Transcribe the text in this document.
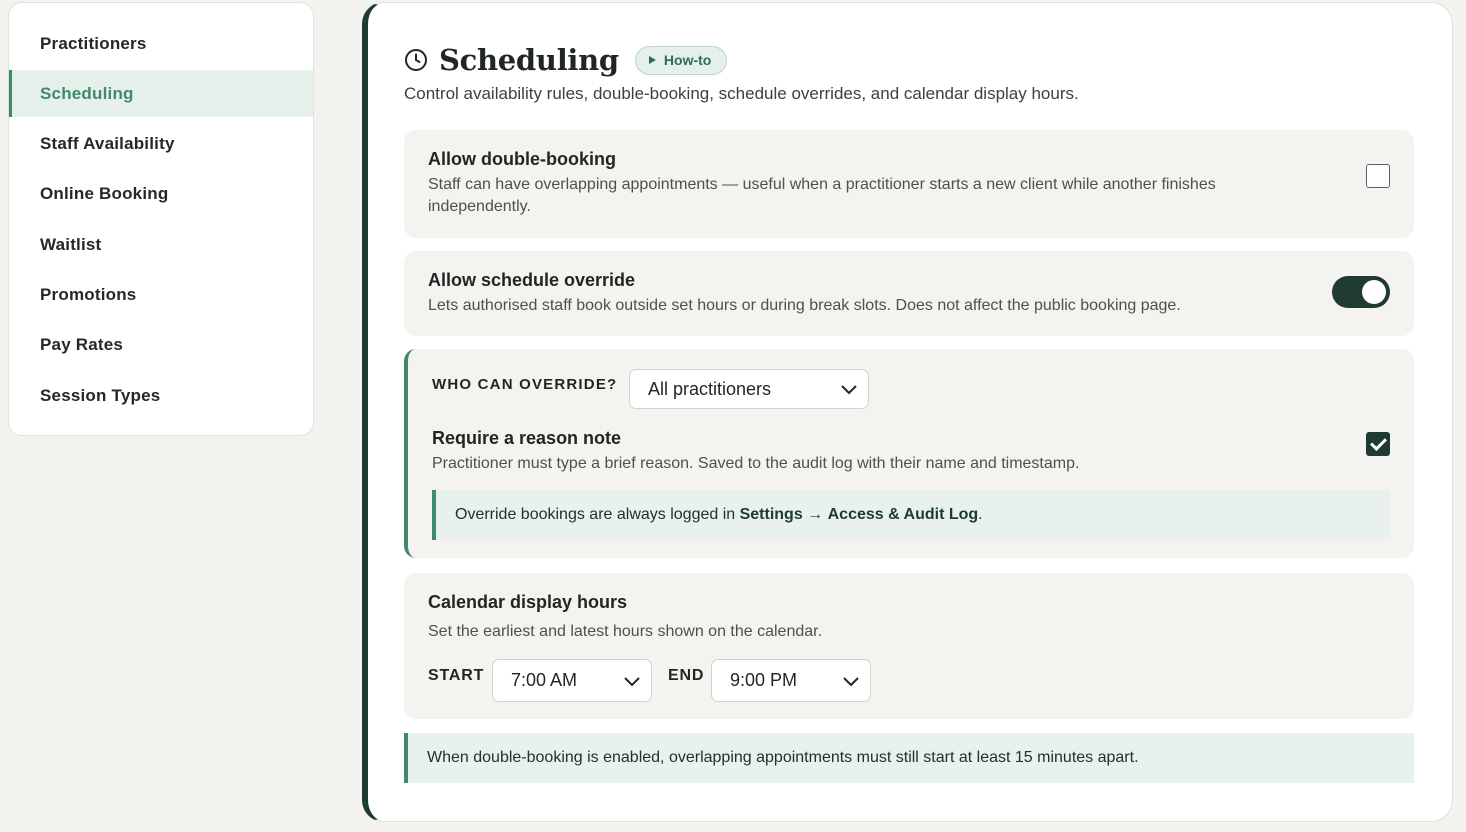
Practitioners
Scheduling
Staff Availability
Online Booking
Waitlist
Promotions
Pay Rates
Session Types
Scheduling	How-to

Control availability rules, double-booking, schedule overrides, and calendar display hours.

Allow double-booking
Staff can have overlapping appointments — useful when a practitioner starts a new client while another finishes independently.
Allow schedule override
Lets authorised staff book outside set hours or during break slots. Does not affect the public booking page.
WHO CAN OVERRIDE? All practitioners
Require a reason note
Practitioner must type a brief reason. Saved to the audit log with their name and timestamp.
Override bookings are always logged in Settings → Access & Audit Log .
Calendar display hours
Set the earliest and latest hours shown on the calendar.
START 7:00 AM	END 9:00 PM
When double-booking is enabled, overlapping appointments must still start at least 15 minutes apart.
